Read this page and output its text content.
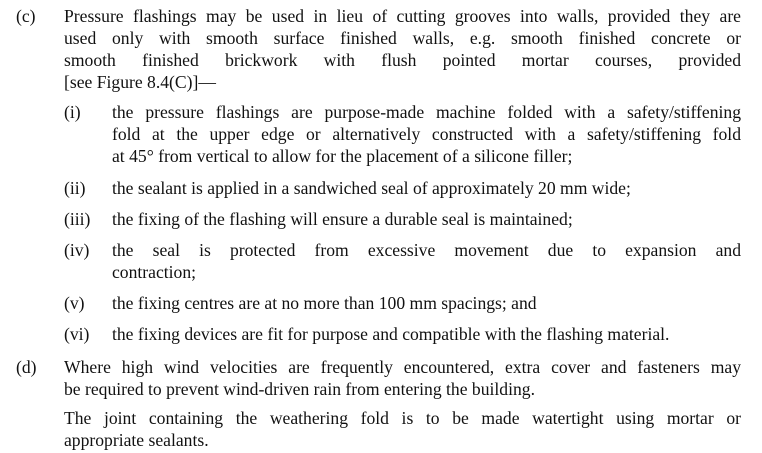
(c) Pressure flashings may be used in lieu of cutting grooves into walls, provided they are
used only with smooth surface finished walls, e.g. smooth finished concrete or
smooth finished brickwork with flush pointed mortar courses, provided
[see Figure 8.4(C)]—
(i) the pressure flashings are purpose-made machine folded with a safety/stiffening
fold at the upper edge or alternatively constructed with a safety/stiffening fold
at 45° from vertical to allow for the placement of a silicone filler;
(ii) the sealant is applied in a sandwiched seal of approximately 20 mm wide;
(iii) the fixing of the flashing will ensure a durable seal is maintained;
(iv) the seal is protected from excessive movement due to expansion and
contraction;
(v) the fixing centres are at no more than 100 mm spacings; and
(vi) the fixing devices are fit for purpose and compatible with the flashing material.
(d) Where high wind velocities are frequently encountered, extra cover and fasteners may
be required to prevent wind-driven rain from entering the building.
The joint containing the weathering fold is to be made watertight using mortar or
appropriate sealants.
